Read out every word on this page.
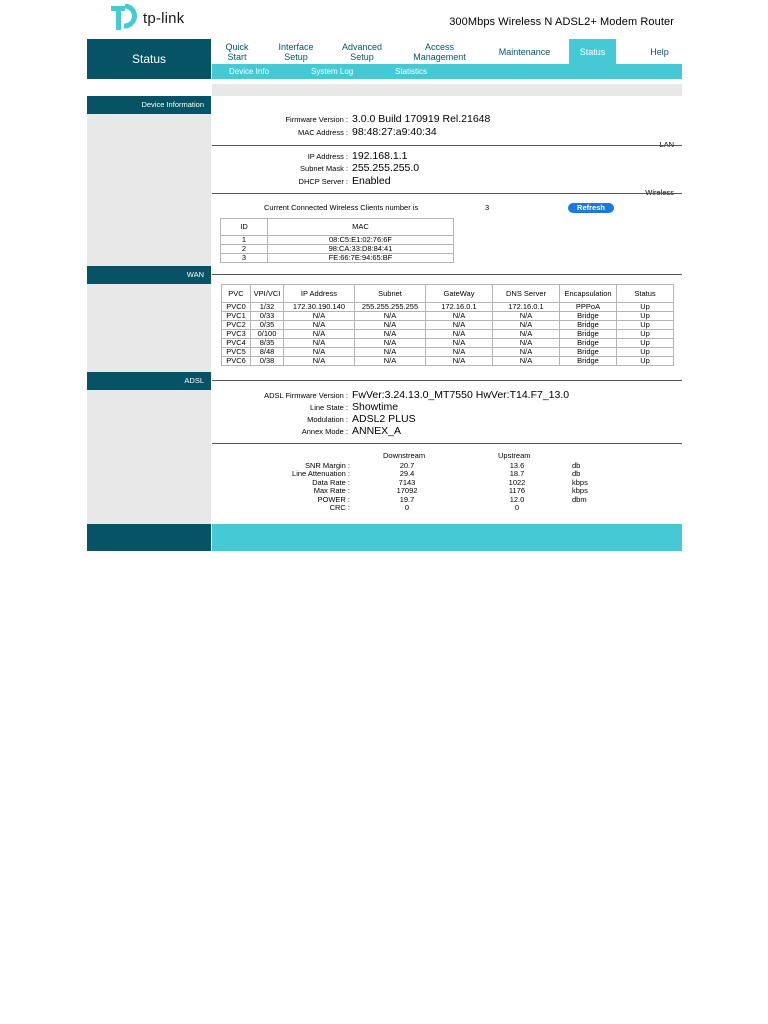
tp-link	300Mbps Wireless N ADSL2+ Modem Router
Status
Quick
Start
Interface
Setup
Advanced
Setup
Access
Management	Maintenance	Status	Help
Device Info	System Log	Statistics
Device Information
WAN
ADSL
Firmware Version : 3.0.0 Build 170919 Rel.21648
MAC Address : 98:48:27:a9:40:34
IP Address : 192.168.1.1
Subnet Mask : 255.255.255.0
DHCP Server : Enabled
Current Connected Wireless Clients number is	3	Refresh
ID	MAC
1	08:C5:E1:02:76:6F
2	98:CA:33:D8:84:41
3	FE:66:7E:94:65:BF
PVC	VPI/VCI	IP Address	Subnet	GateWay	DNS Server	Encapsulation	Status
PVC0	1/32	172.30.190.140	255.255.255.255	172.16.0.1	172.16.0.1	PPPoA	Up
PVC1	0/33	N/A	N/A	N/A	N/A	Bridge	Up
PVC2	0/35	N/A	N/A	N/A	N/A	Bridge	Up
PVC3	0/100	N/A	N/A	N/A	N/A	Bridge	Up
PVC4	8/35	N/A	N/A	N/A	N/A	Bridge	Up
PVC5	8/48	N/A	N/A	N/A	N/A	Bridge	Up
PVC6	0/38	N/A	N/A	N/A	N/A	Bridge	Up
ADSL Firmware Version : FwVer:3.24.13.0_MT7550 HwVer:T14.F7_13.0
Line State : Showtime
Modulation : ADSL2 PLUS
Annex Mode : ANNEX_A
Downstream	Upstream
SNR Margin :	20.7	13.6	db
Line Attenuation :	29.4	18.7	db
Data Rate :	7143	1022	kbps
Max Rate :	17092	1176	kbps
POWER :	19.7	12.0	dbm
CRC :	0	0
